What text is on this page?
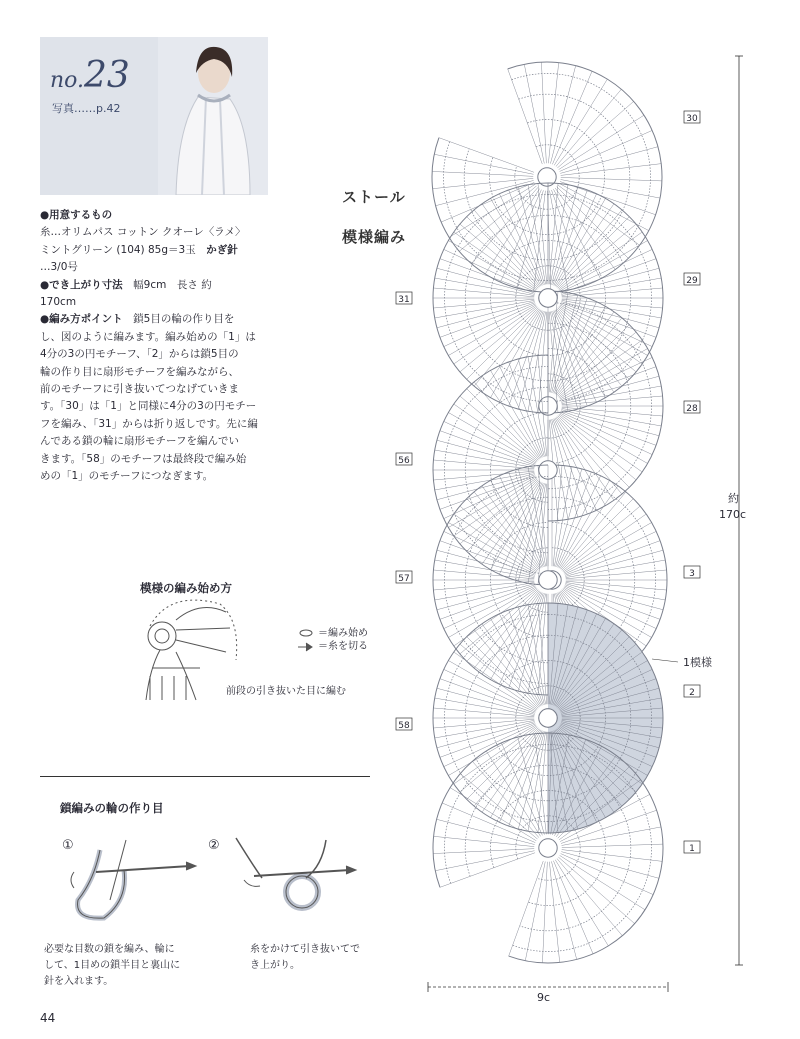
no.23
写真……p.42

●用意するもの

糸…オリムパス コットン クオーレ〈ラメ〉

ミントグリーン (104) 85g＝3玉　 かぎ針

…3/0号

●でき上がり寸法　 幅9cm　長さ 約

170cm

●編み方ポイント　 鎖5目の輪の作り目を

し、図のように編みます。編み始めの「1」は

4分の3の円モチーフ、「2」からは鎖5目の

輪の作り目に扇形モチーフを編みながら、

前のモチーフに引き抜いてつなげていきま

す。「30」は「1」と同様に4分の3の円モチー

フを編み、「31」からは折り返しです。先に編

んである鎖の輪に扇形モチーフを編んでい

きます。「58」のモチーフは最終段で編み始

めの「1」のモチーフにつなぎます。

ストール
模様編み
模様の編み始め方
＝編み始め
＝糸を切る
前段の引き抜いた目に編む
鎖編みの輪の作り目
①	②
必要な目数の鎖を編み、輪に
して、1目めの鎖半目と裏山に
針を入れます。
糸をかけて引き抜いてで
き上がり。
44
約
170c
9c
1模様
30
29
28
3
2
1
31
56
57
58
